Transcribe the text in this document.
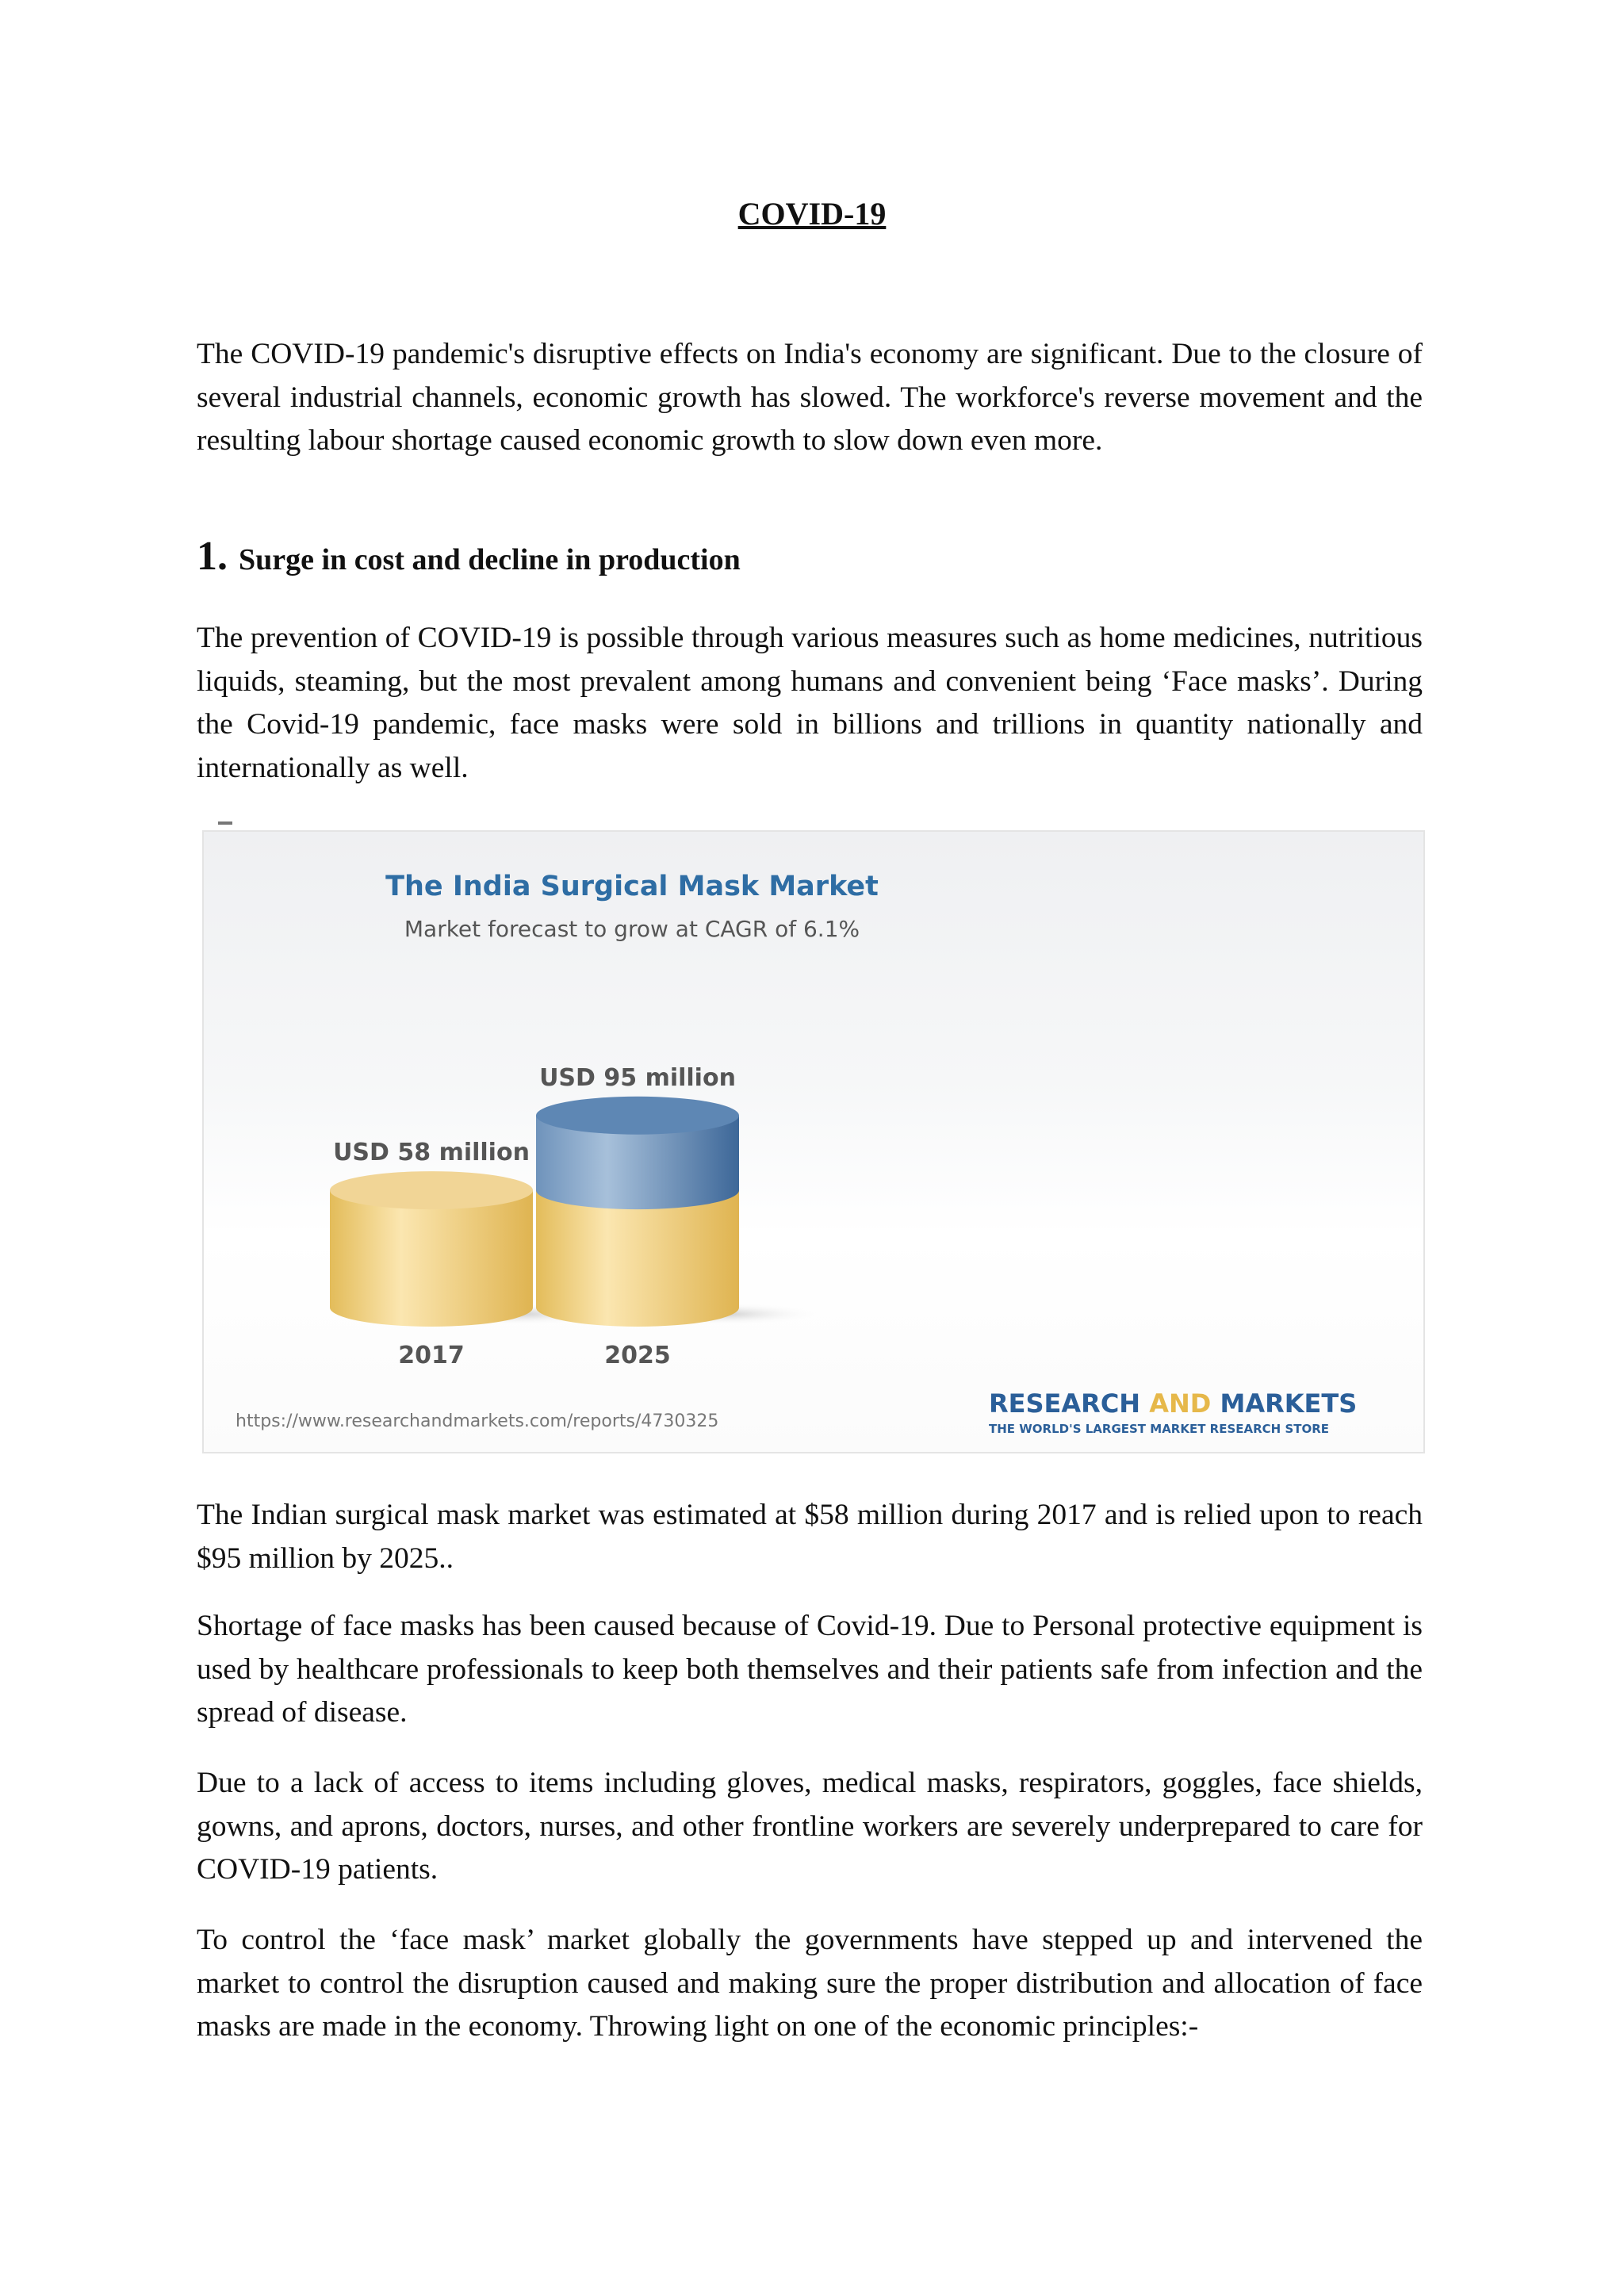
COVID-19

The COVID-19 pandemic's disruptive effects on India's economy are significant. Due to the closure of several industrial channels, economic growth has slowed. The workforce's reverse movement and the resulting labour shortage caused economic growth to slow down even more.

1. Surge in cost and decline in production

The prevention of COVID-19 is possible through various measures such as home medicines, nutritious liquids, steaming, but the most prevalent among humans and convenient being ‘Face masks’. During the Covid-19 pandemic, face masks were sold in billions and trillions in quantity nationally and internationally as well.

The India Surgical Mask Market
Market forecast to grow at CAGR of 6.1%
USD 58 million
2017
USD 95 million
2025
https://www.researchandmarkets.com/reports/4730325
RESEARCH AND MARKETS
THE WORLD'S LARGEST MARKET RESEARCH STORE

The Indian surgical mask market was estimated at $58 million during 2017 and is relied upon to reach $95 million by 2025..

Shortage of face masks has been caused because of Covid-19. Due to Personal protective equipment is used by healthcare professionals to keep both themselves and their patients safe from infection and the spread of disease.

Due to a lack of access to items including gloves, medical masks, respirators, goggles, face shields, gowns, and aprons, doctors, nurses, and other frontline workers are severely underprepared to care for COVID-19 patients.

To control the ‘face mask’ market globally the governments have stepped up and intervened the market to control the disruption caused and making sure the proper distribution and allocation of face masks are made in the economy. Throwing light on one of the economic principles:-
